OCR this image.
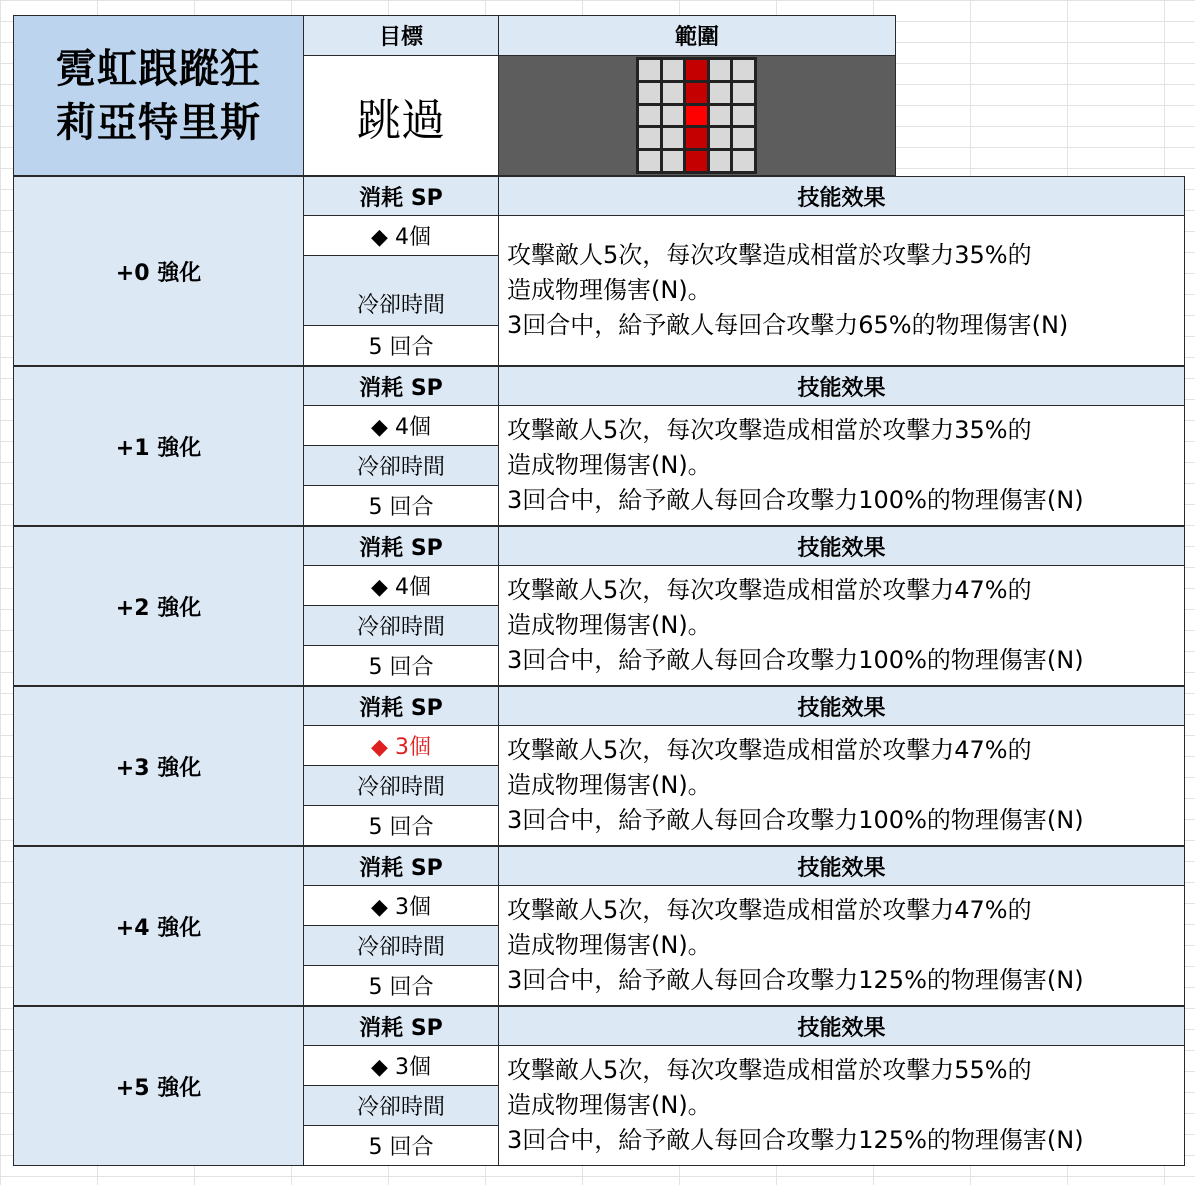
霓虹跟蹤狂
莉亞特里斯
目標	範圍
跳過
+0 強化
消耗 SP
◆ 4個
冷卻時間
5 回合
技能效果
攻擊敵人5次，每次攻擊造成相當於攻擊力35%的
造成物理傷害(N)。
3回合中，給予敵人每回合攻擊力65%的物理傷害(N)
+1 強化
消耗 SP
◆ 4個
冷卻時間
5 回合
技能效果
攻擊敵人5次，每次攻擊造成相當於攻擊力35%的
造成物理傷害(N)。
3回合中，給予敵人每回合攻擊力100%的物理傷害(N)
+2 強化
消耗 SP
◆ 4個
冷卻時間
5 回合
技能效果
攻擊敵人5次，每次攻擊造成相當於攻擊力47%的
造成物理傷害(N)。
3回合中，給予敵人每回合攻擊力100%的物理傷害(N)
+3 強化
消耗 SP
◆ 3個
冷卻時間
5 回合
技能效果
攻擊敵人5次，每次攻擊造成相當於攻擊力47%的
造成物理傷害(N)。
3回合中，給予敵人每回合攻擊力100%的物理傷害(N)
+4 強化
消耗 SP
◆ 3個
冷卻時間
5 回合
技能效果
攻擊敵人5次，每次攻擊造成相當於攻擊力47%的
造成物理傷害(N)。
3回合中，給予敵人每回合攻擊力125%的物理傷害(N)
+5 強化
消耗 SP
◆ 3個
冷卻時間
5 回合
技能效果
攻擊敵人5次，每次攻擊造成相當於攻擊力55%的
造成物理傷害(N)。
3回合中，給予敵人每回合攻擊力125%的物理傷害(N)
